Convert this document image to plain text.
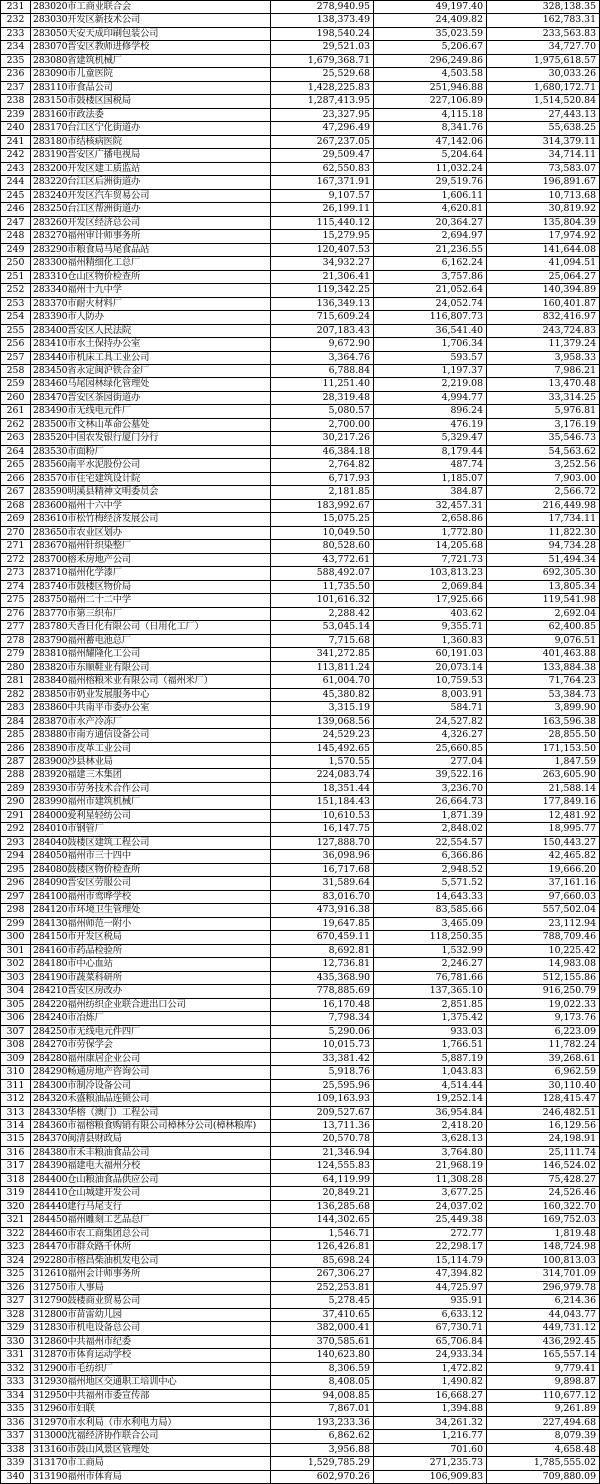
231 283020市工商业联合会	278,940.95	49,197.40	328,138.35
232 283030开发区新技术公司	138,373.49	24,409.82	162,783.31
233 283050天安天成印刷包装公司	198,540.24	35,023.59	233,563.83
234 283070晋安区教师进修学校	29,521.03	5,206.67	34,727.70
235 283080省建筑机械厂	1,679,368.71	296,249.86	1,975,618.57
236 283090市儿童医院	25,529.68	4,503.58	30,033.26
237 283110市食品公司	1,428,225.83	251,946.88	1,680,172.71
238 283150市鼓楼区国税局	1,287,413.95	227,106.89	1,514,520.84
239 283160市政法委	23,327.95	4,115.18	27,443.13
240 283170台江区宁化街道办	47,296.49	8,341.76	55,638.25
241 283180市结核病医院	267,237.05	47,142.06	314,379.11
242 283190晋安区广播电视局	29,509.47	5,204.64	34,714.11
243 283200开发区建工质监站	62,550.83	11,032.24	73,583.07
244 283220台江区后洲街道办	167,371.91	29,519.76	196,891.67
245 283240开发区汽车贸易公司	9,107.57	1,606.11	10,713.68
246 283250台江区帮洲街道办	26,199.11	4,620.81	30,819.92
247 283260开发区经济总公司	115,440.12	20,364.27	135,804.39
248 283270福州审计师事务所	15,279.95	2,694.97	17,974.92
249 283290市粮食局马尾食品站	120,407.53	21,236.55	141,644.08
250 283300福州精细化工总厂	34,932.27	6,162.24	41,094.51
251 283310仓山区物价检查所	21,306.41	3,757.86	25,064.27
252 283340福州十九中学	119,342.25	21,052.64	140,394.89
253 283370市耐火材料厂	136,349.13	24,052.74	160,401.87
254 283390市人防办	715,609.24	116,807.73	832,416.97
255 283400晋安区人民法院	207,183.43	36,541.40	243,724.83
256 283410市水土保持办公室	9,672.90	1,706.34	11,379.24
257 283440市机床工具工业公司	3,364.76	593.57	3,958.33
258 283450省永定闽沪铁合金厂	6,788.84	1,197.37	7,986.21
259 283460马尾园林绿化管理处	11,251.40	2,219.08	13,470.48
260 283470晋安区茶园街道办	28,319.48	4,994.77	33,314.25
261 283490市无线电元件厂	5,080.57	896.24	5,976.81
262 283500市文林山革命公墓处	2,700.00	476.19	3,176.19
263 283520中国农发银行厦门分行	30,217.26	5,329.47	35,546.73
264 283530市面粉厂	46,384.18	8,179.44	54,563.62
265 283560南平水泥股份公司	2,764.82	487.74	3,252.56
266 283570市住宅建筑设计院	6,717.93	1,185.07	7,903.00
267 283590明溪县精神文明委员会	2,181.85	384.87	2,566.72
268 283600福州十六中学	183,992.67	32,457.31	216,449.98
269 283610市松竹梅经济发展公司	15,075.25	2,658.86	17,734.11
270 283650市农业区划办	10,049.50	1,772.80	11,822.30
271 283670福州针织染整厂	80,528.60	14,205.68	94,734.28
272 283700榕禾房地产公司	43,772.61	7,721.73	51,494.34
273 283710福州化学漆厂	588,492.07	103,813.23	692,305.30
274 283740市鼓楼区物价局	11,735.50	2,069.84	13,805.34
275 283750福州二十二中学	101,616.32	17,925.66	119,541.98
276 283770市第三织布厂	2,288.42	403.62	2,692.04
277 283780天香日化有限公司（日用化工厂）	53,045.14	9,355.71	62,400.85
278 283790福州蓄电池总厂	7,715.68	1,360.83	9,076.51
279 283810福州耀隆化工公司	341,272.85	60,191.03	401,463.88
280 283820市东顺鞋业有限公司	113,811.24	20,073.14	133,884.38
281 283840福州榕粮米业有限公司（福州米厂）	61,004.70	10,759.53	71,764.23
282 283850市奶业发展服务中心	45,380.82	8,003.91	53,384.73
283 283860中共南平市委办公室	3,315.19	584.71	3,899.90
284 283870市水产冷冻厂	139,068.56	24,527.82	163,596.38
285 283880市南方通信设备公司	24,529.23	4,326.27	28,855.50
286 283890市皮革工业公司	145,492.65	25,660.85	171,153.50
287 283900沙县林业局	1,570.55	277.04	1,847.59
288 283920福建三木集团	224,083.74	39,522.16	263,605.90
289 283930市劳务技术合作公司	18,351.44	3,236.70	21,588.14
290 283990福州市建筑机械厂	151,184.43	26,664.73	177,849.16
291 284000爱利星轻纺公司	10,610.53	1,871.39	12,481.92
292 284010市钢管厂	16,147.75	2,848.02	18,995.77
293 284040鼓楼区建筑工程公司	127,888.70	22,554.57	150,443.27
294 284050福州市三十四中	36,098.96	6,366.86	42,465.82
295 284080鼓楼区物价检查所	16,717.68	2,948.52	19,666.20
296 284090晋安区劳服公司	31,589.64	5,571.52	37,161.16
297 284100福州市鸾哗学校	83,016.70	14,643.33	97,660.03
298 284120市环境卫生管理处	473,916.38	83,585.66	557,502.04
299 284130福州师范一附小	19,647.85	3,465.09	23,112.94
300 284150市开发区税局	670,459.11	118,250.35	788,709.46
301 284160市药品检验所	8,692.81	1,532.99	10,225.42
302 284180市中心血站	12,736.81	2,246.27	14,983.08
303 284190市蔬菜科研所	435,368.90	76,781.66	512,155.86
304 284210晋安区房改办	778,885.69	137,365.10	916,250.79
305 284220福州纺织企业联合进出口公司	16,170.48	2,851.85	19,022.33
306 284240市冶炼厂	7,798.34	1,375.42	9,173.76
307 284250市无线电元件四厂	5,290.06	933.03	6,223.09
308 284270市劳保学会	10,015.73	1,766.51	11,782.24
309 284280福州康居企业公司	33,381.42	5,887.19	39,268.61
310 284290畅通房地产咨询公司	5,918.76	1,043.83	6,962.59
311 284300市制冷设备公司	25,595.96	4,514.44	30,110.40
312 284320禾盛粮油品连锁公司	109,163.93	19,252.14	128,415.47
313 284330华榕（澳门）工程公司	209,527.67	36,954.84	246,482.51
314 284360市福榕粮食购销有限公司樟林分公司(樟林粮库)	13,711.36	2,418.20	16,129.56
315 284370闽清县财政局	20,570.78	3,628.13	24,198.91
316 284380市禾丰粮油食品公司	21,346.94	3,764.80	25,111.74
317 284390福建电大福州分校	124,555.83	21,968.19	146,524.02
318 284400仓山粮油食品供应公司	64,119.99	11,308.28	75,428.27
319 284410仓山城建开发公司	20,849.21	3,677.25	24,526.46
320 284440建行马尾支行	136,285.68	24,037.02	160,322.70
321 284450福州雕刻工艺品总厂	144,302.65	25,449.38	169,752.03
322 284460市农工商集团总公司	1,546.71	272.77	1,819.48
323 284470市群众路千休所	126,426.81	22,298.17	148,724.98
324 292280市榕昌柴油机发电公司	85,698.24	15,114.79	100,813.03
325 312610福州会计师事务所	267,306.27	47,394.82	314,701.09
326 312750市人事局	252,253.81	44,725.97	296,979.78
327 312790鼓楼商业贸易公司	5,278.45	935.91	6,214.36
328 312800市苗雷幼儿园	37,410.65	6,633.12	44,043.77
329 312830市机电设备总公司	382,000.41	67,730.71	449,731.12
330 312860中共福州市纪委	370,585.61	65,706.84	436,292.45
331 312870市体育运动学校	140,623.80	24,933.34	165,557.14
332 312900市毛纺织厂	8,306.59	1,472.82	9,779.41
333 312930福州地区交通职工培训中心	8,408.05	1,490.82	9,898.87
334 312950中共福州市委宣传部	94,008.85	16,668.27	110,677.12
335 312960市妇联	7,867.01	1,394.88	9,261.89
336 312970市水利局（市水利电力局）	193,233.36	34,261.32	227,494.68
337 313000沈福经济协作联合公司	6,862.62	1,216.77	8,079.39
338 313160市鼓山风景区管理处	3,956.88	701.60	4,658.48
339 313170市工商局	1,529,785.29	271,235.73	1,785,555.02
340 313190福州市体育局	602,970.26	106,909.83	709,880.09
